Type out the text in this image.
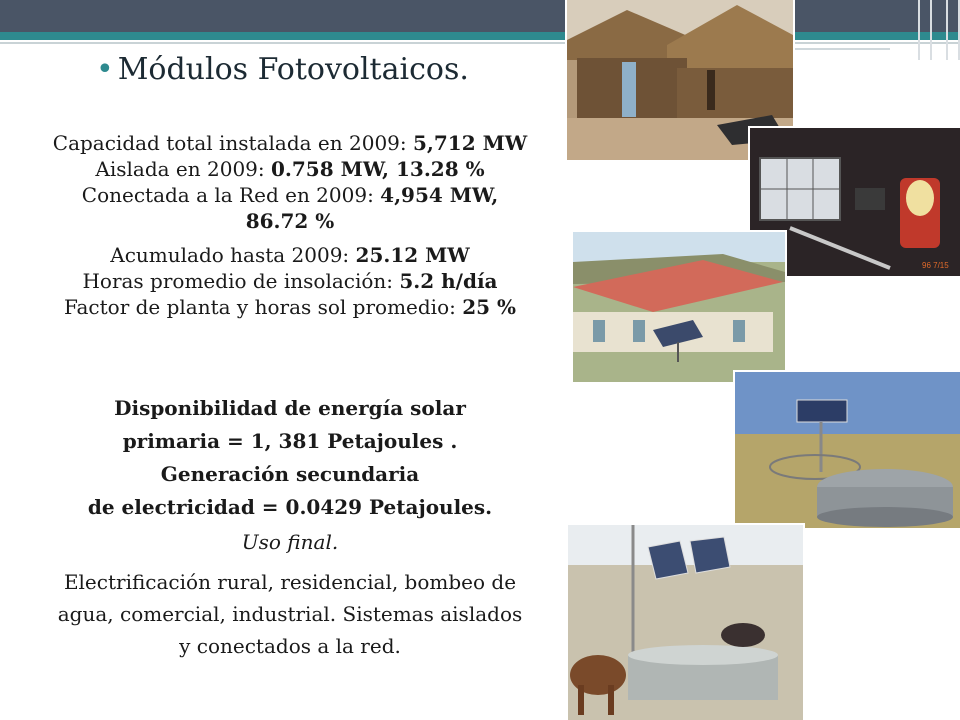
• Módulos Fotovoltaicos.
Capacidad total instalada en 2009: 5,712 MW
Aislada en 2009: 0.758 MW, 13.28 %
Conectada a la Red en 2009: 4,954 MW,
86.72 %
Acumulado hasta 2009: 25.12 MW
Horas promedio de insolación: 5.2 h/día
Factor de planta y horas sol promedio: 25 %
Disponibilidad de energía solar
primaria = 1, 381 Petajoules .
Generación secundaria
de electricidad = 0.0429 Petajoules.
Uso final.
Electrificación rural, residencial, bombeo de
agua, comercial, industrial. Sistemas aislados
y conectados a la red.
96 7/15
